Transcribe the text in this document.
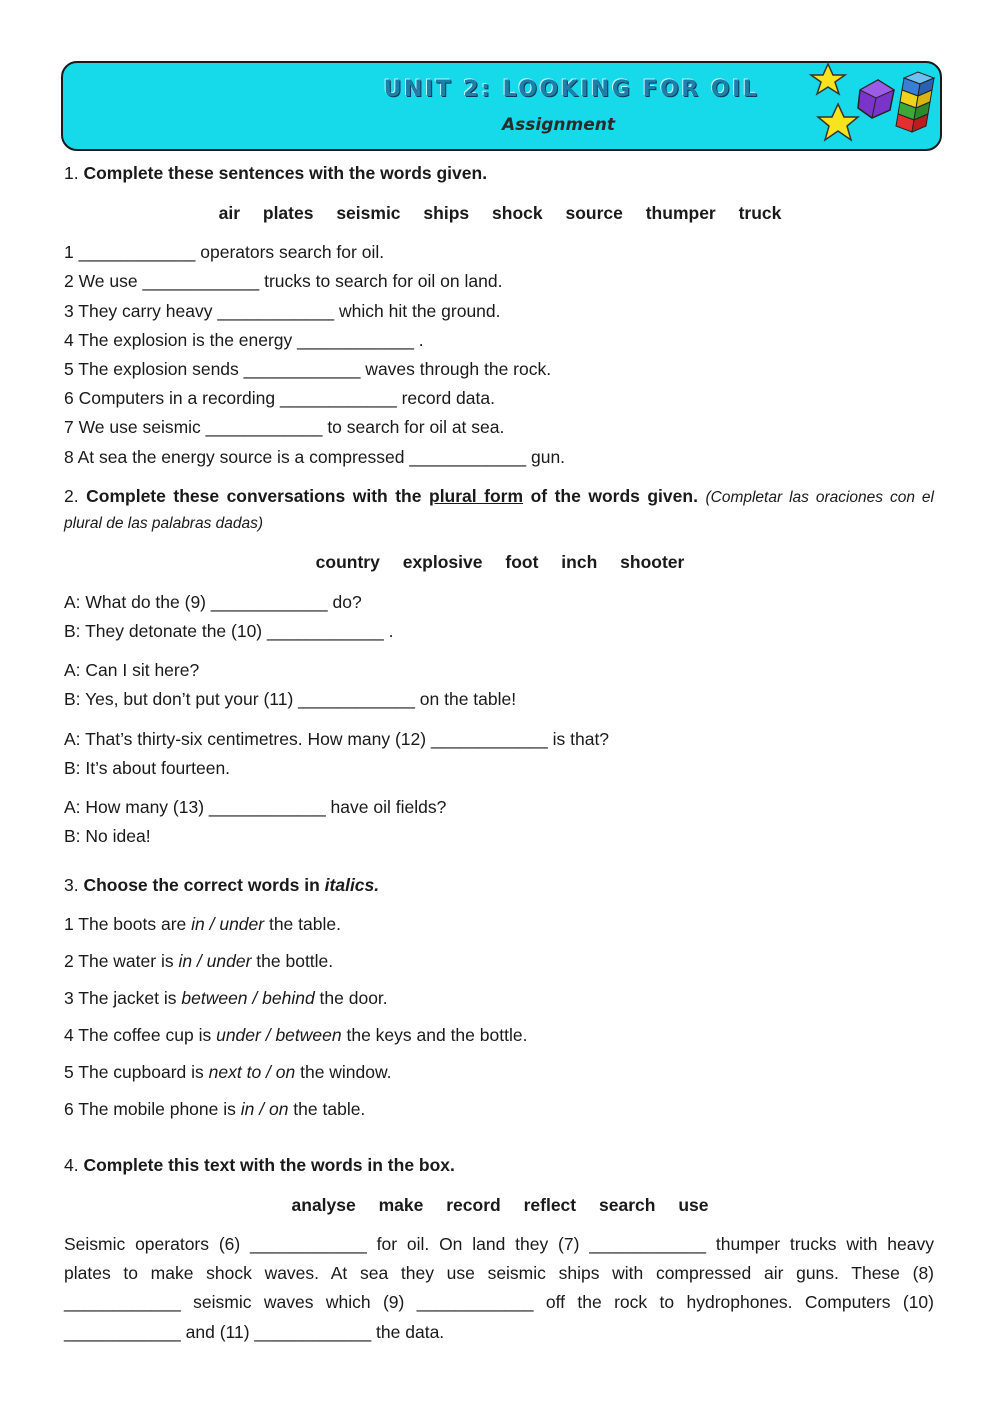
UNIT 2: LOOKING FOR OIL
Assignment
1. Complete these sentences with the words given.
air plates seismic ships shock source thumper truck
1 ____________ operators search for oil.
2 We use ____________ trucks to search for oil on land.
3 They carry heavy ____________ which hit the ground.
4 The explosion is the energy ____________ .
5 The explosion sends ____________ waves through the rock.
6 Computers in a recording ____________ record data.
7 We use seismic ____________ to search for oil at sea.
8 At sea the energy source is a compressed ____________ gun.
2. Complete these conversations with the plural form of the words given. (Completar las oraciones con el
plural de las palabras dadas)
country explosive foot inch shooter
A: What do the (9) ____________ do?
B: They detonate the (10) ____________ .
A: Can I sit here?
B: Yes, but don’t put your (11) ____________ on the table!
A: That’s thirty-six centimetres. How many (12) ____________ is that?
B: It’s about fourteen.
A: How many (13) ____________ have oil fields?
B: No idea!
3. Choose the correct words in italics.
1 The boots are in / under the table.
2 The water is in / under the bottle.
3 The jacket is between / behind the door.
4 The coffee cup is under / between the keys and the bottle.
5 The cupboard is next to / on the window.
6 The mobile phone is in / on the table.
4. Complete this text with the words in the box.
analyse make record reflect search use
Seismic operators (6) ____________ for oil. On land they (7) ____________ thumper trucks with heavy
plates to make shock waves. At sea they use seismic ships with compressed air guns. These (8)
____________ seismic waves which (9) ____________ off the rock to hydrophones. Computers (10)
____________ and (11) ____________ the data.
